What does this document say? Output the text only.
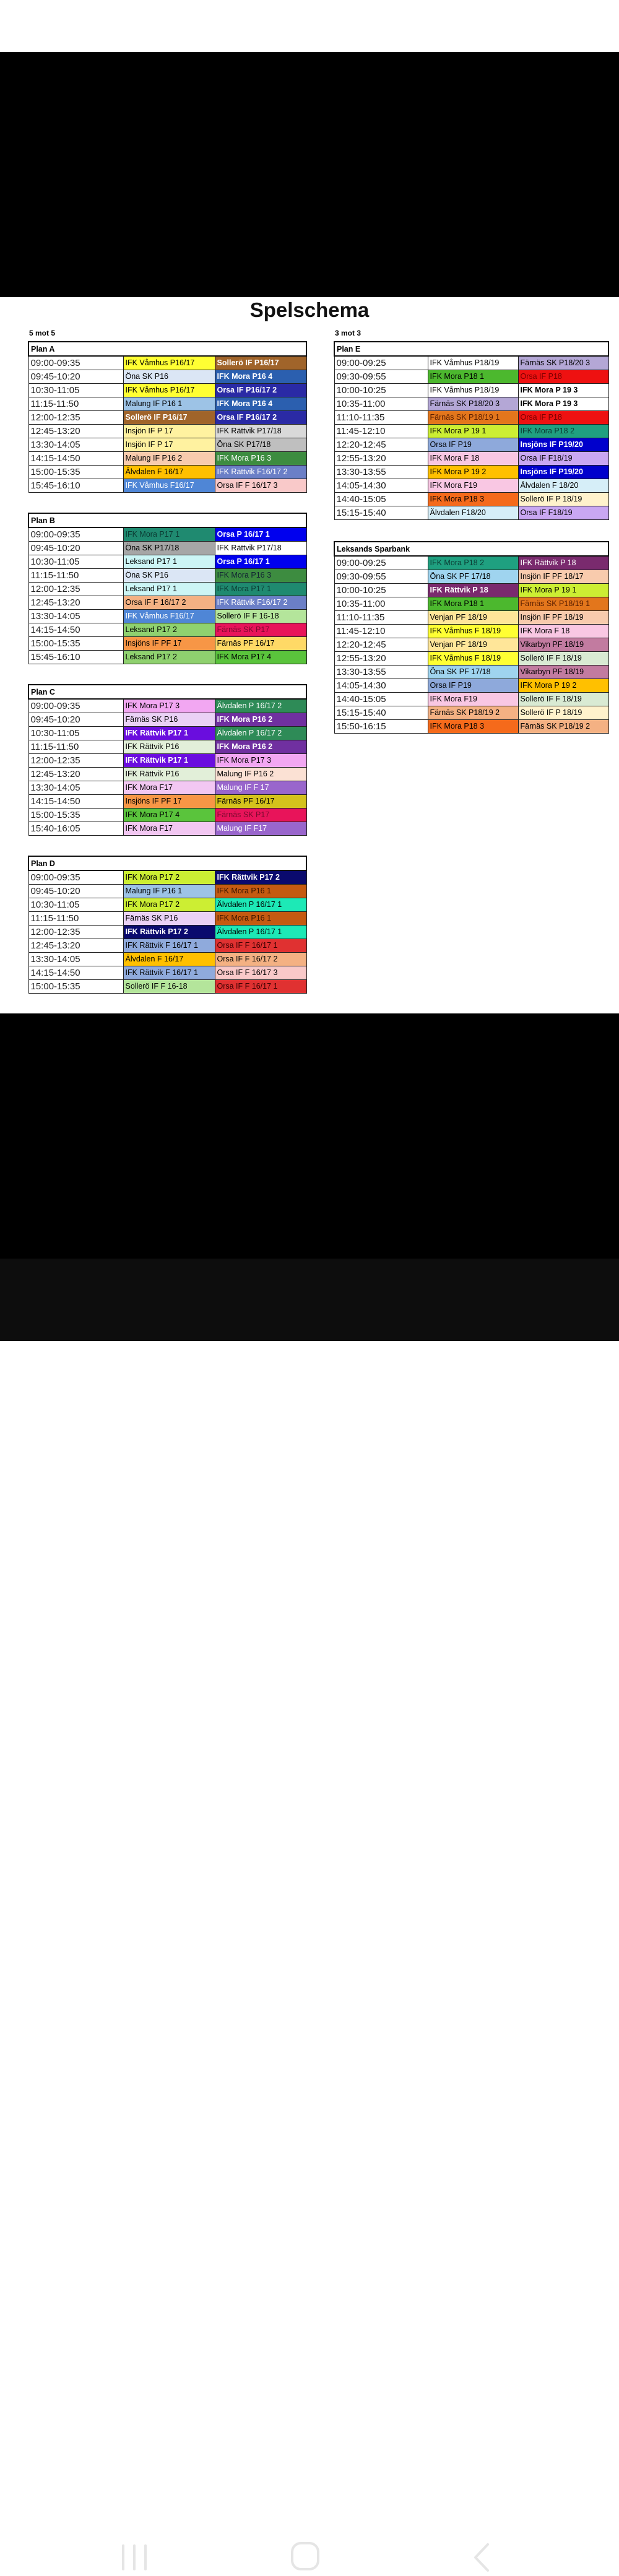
Spelschema
5 mot 5	3 mot 3
Plan A		
09:00-09:35	IFK Våmhus P16/17	Sollerö IF P16/17
09:45-10:20	Öna SK P16	IFK Mora P16 4
10:30-11:05	IFK Våmhus P16/17	Orsa IF P16/17 2
11:15-11:50	Malung IF P16 1	IFK Mora P16 4
12:00-12:35	Sollerö IF P16/17	Orsa IF P16/17 2
12:45-13:20	Insjön IF P 17	IFK Rättvik P17/18
13:30-14:05	Insjön IF P 17	Öna SK P17/18
14:15-14:50	Malung IF P16 2	IFK Mora P16 3
15:00-15:35	Älvdalen F 16/17	IFK Rättvik F16/17 2
15:45-16:10	IFK Våmhus F16/17	Orsa IF F 16/17 3
Plan B		
09:00-09:35	IFK Mora P17 1	Orsa P 16/17 1
09:45-10:20	Öna SK P17/18	IFK Rättvik P17/18
10:30-11:05	Leksand P17 1	Orsa P 16/17 1
11:15-11:50	Öna SK P16	IFK Mora P16 3
12:00-12:35	Leksand P17 1	IFK Mora P17 1
12:45-13:20	Orsa IF F 16/17 2	IFK Rättvik F16/17 2
13:30-14:05	IFK Våmhus F16/17	Sollerö IF F 16-18
14:15-14:50	Leksand P17 2	Färnäs SK P17
15:00-15:35	Insjöns IF PF 17	Färnäs PF 16/17
15:45-16:10	Leksand P17 2	IFK Mora P17 4
Plan C		
09:00-09:35	IFK Mora P17 3	Älvdalen P 16/17 2
09:45-10:20	Färnäs SK P16	IFK Mora P16 2
10:30-11:05	IFK Rättvik P17 1	Älvdalen P 16/17 2
11:15-11:50	IFK Rättvik P16	IFK Mora P16 2
12:00-12:35	IFK Rättvik P17 1	IFK Mora P17 3
12:45-13:20	IFK Rättvik P16	Malung IF P16 2
13:30-14:05	IFK Mora F17	Malung IF F 17
14:15-14:50	Insjöns IF PF 17	Färnäs PF 16/17
15:00-15:35	IFK Mora P17 4	Färnäs SK P17
15:40-16:05	IFK Mora F17	Malung IF F17
Plan D		
09:00-09:35	IFK Mora P17 2	IFK Rättvik P17 2
09:45-10:20	Malung IF P16 1	IFK Mora P16 1
10:30-11:05	IFK Mora P17 2	Älvdalen P 16/17 1
11:15-11:50	Färnäs SK P16	IFK Mora P16 1
12:00-12:35	IFK Rättvik P17 2	Älvdalen P 16/17 1
12:45-13:20	IFK Rättvik F 16/17 1	Orsa IF F 16/17 1
13:30-14:05	Älvdalen F 16/17	Orsa IF F 16/17 2
14:15-14:50	IFK Rättvik F 16/17 1	Orsa IF F 16/17 3
15:00-15:35	Sollerö IF F 16-18	Orsa IF F 16/17 1
Plan E		
09:00-09:25	IFK Våmhus P18/19	Färnäs SK P18/20 3
09:30-09:55	IFK Mora P18 1	Orsa IF P18
10:00-10:25	IFK Våmhus P18/19	IFK Mora P 19 3
10:35-11:00	Färnäs SK P18/20 3	IFK Mora P 19 3
11:10-11:35	Färnäs SK P18/19 1	Orsa IF P18
11:45-12:10	IFK Mora P 19 1	IFK Mora P18 2
12:20-12:45	Orsa IF P19	Insjöns IF P19/20
12:55-13:20	IFK Mora F 18	Orsa IF F18/19
13:30-13:55	IFK Mora P 19 2	Insjöns IF P19/20
14:05-14:30	IFK Mora F19	Älvdalen F 18/20
14:40-15:05	IFK Mora P18 3	Sollerö IF P 18/19
15:15-15:40	Älvdalen F18/20	Orsa IF F18/19
Leksands Sparbank		
09:00-09:25	IFK Mora P18 2	IFK Rättvik P 18
09:30-09:55	Öna SK PF 17/18	Insjön IF PF 18/17
10:00-10:25	IFK Rättvik P 18	IFK Mora P 19 1
10:35-11:00	IFK Mora P18 1	Färnäs SK P18/19 1
11:10-11:35	Venjan PF 18/19	Insjön IF PF 18/19
11:45-12:10	IFK Våmhus F 18/19	IFK Mora F 18
12:20-12:45	Venjan PF 18/19	Vikarbyn PF 18/19
12:55-13:20	IFK Våmhus F 18/19	Sollerö IF F 18/19
13:30-13:55	Öna SK PF 17/18	Vikarbyn PF 18/19
14:05-14:30	Orsa IF P19	IFK Mora P 19 2
14:40-15:05	IFK Mora F19	Sollerö IF F 18/19
15:15-15:40	Färnäs SK P18/19 2	Sollerö IF P 18/19
15:50-16:15	IFK Mora P18 3	Färnäs SK P18/19 2
